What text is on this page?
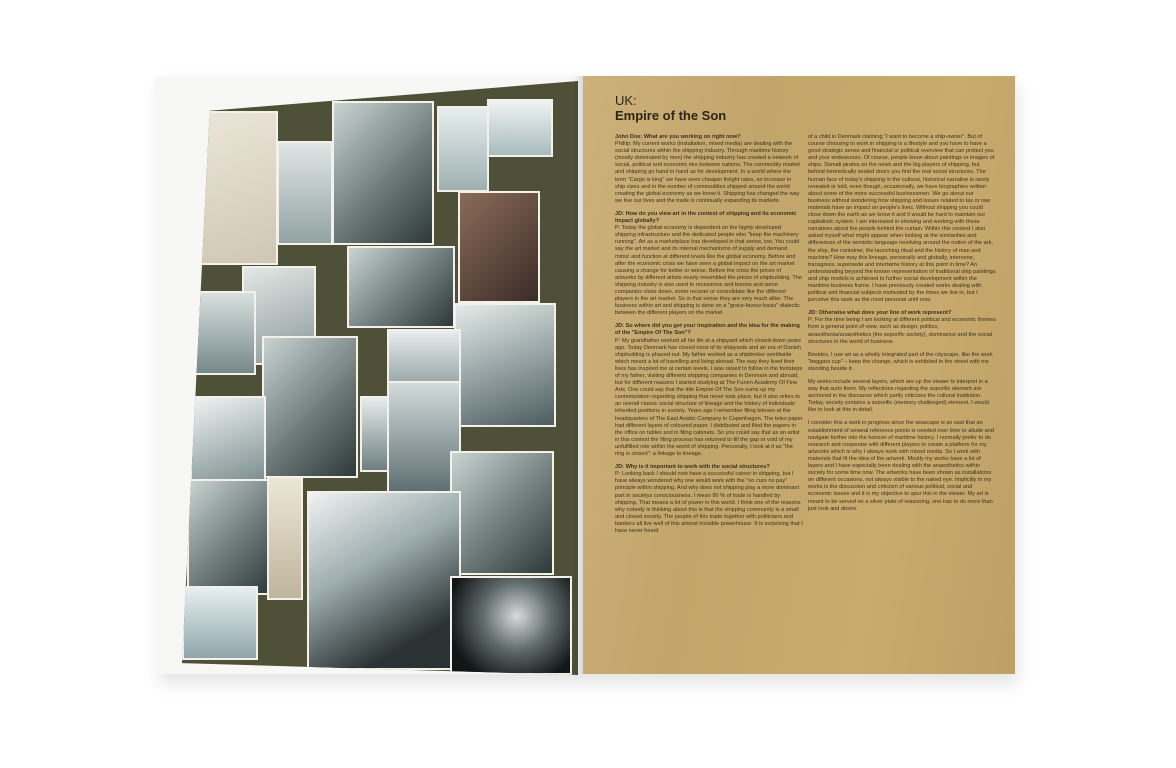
UK:
Empire of the Son

John Doe: What are you working on right now?
Phillip: My current works (installation, mixed media) are dealing with the social structures within the shipping industry. Through maritime history (mostly dominated by men) the shipping industry has created a network of social, political and economic ties between nations. The commodity market and shipping go hand in hand as for development. In a world where the term "Cargo is king" we have seen cheaper freight rates, an increase in ship sizes and in the number of commodities shipped around the world creating the global economy as we know it. Shipping has changed the way we live our lives and the trade is continually expanding its markets.

JD: How do you view art in the context of shipping and its economic impact globally?
P: Today the global economy is dependent on the highly developed shipping infrastructure and the dedicated people who "keep the machinery running". Art as a marketplace has developed in that sense, too. You could say the art market and its internal mechanisms of supply and demand mimic and function at different levels like the global economy. Before and after the economic crisis we have seen a global impact on the art market causing a change for better or worse. Before the crisis the prices of artworks by different artists nearly resembled the prices of shipbuilding. The shipping industry is also used to recessions and booms and some companies close down, some recover or consolidate like the different players in the art market. So in that sense they are very much alike. The business within art and shipping is done on a "grace-favour-basis" dialectic between the different players on the market.

JD: So where did you get your inspiration and the idea for the making of the "Empire Of The Son"?
P: My grandfather worked all his life at a shipyard which closed down years ago. Today Denmark has closed most of its shipyards and an era of Danish shipbuilding is phased out. My father worked as a shipbroker worldwide which meant a lot of travelling and living abroad. The way they lived their lives has inspired me at certain levels. I was raised to follow in the footsteps of my father, visiting different shipping companies in Denmark and abroad, but for different reasons I started studying at The Funen Academy Of Fine Arts. One could say that the title Empire Of The Son sums up my contemplation regarding shipping that never took place, but it also refers to an overall classic social structure of lineage and the history of individuals' inherited positions in society. Years ago I remember filing telexes at the headquarters of The East Asiatic Company in Copenhagen. The telex paper had different layers of coloured paper. I distributed and filed the papers in the office on tables and in filing cabinets. So you could say that as an artist in this context the filing process has returned to fill the gap or void of my unfulfilled role within the world of shipping. Personally, I look at it as "the ring is closed": a linkage to lineage.

JD: Why is it important to work with the social structures?
P: Looking back I should now have a successful career in shipping, but I have always wondered why one would work with the "no cure no pay" principle within shipping. And why does not shipping play a more dominant part in societys consciousness. I mean 90 % of trade is handled by shipping. That means a lot of power in this world. I think one of the reasons why nobody is thinking about this is that the shipping community is a small and closed society. The people of this trade together with politicians and bankers all live well of this almost invisible powerhouse. It is surprising that I have never heard

of a child in Denmark claiming "I want to become a ship-owner". But of course choosing to work in shipping is a lifestyle and you have to have a good strategic sense and financial or political overview that can protect you and your endeavours. Of course, people know about paintings or images of ships. Somali pirates on the news and the big players of shipping, but behind hermetically sealed doors you find the real social structures. The human face of today's shipping in the cultural, historical narrative is rarely revealed or told, even though, occasionally, we have biographies written about some of the more successful businessmen. We go about our business without wondering how shipping and issues related to tax or raw materials have an impact on people's lives. Without shipping you could close down the earth as we know it and it would be hard to maintain our capitalistic system. I am interested in showing and working with these narratives about the people behind the curtain. Within this context I also asked myself what might appear when looking at the similarities and differences of the semiotic language revolving around the notion of the ark, the ship, the container, the launching ritual and the history of man and machine? How may this lineage, personally and globally, intervene, transgress, supersede and intertwine history at this point in time? An understanding beyond the known representation of traditional ship paintings and ship models is achieved to further social development within the maritime business frame. I have previously created works dealing with political and financial subjects motivated by the times we live in, but I perceive this work as the most personal until now.

JD: Otherwise what does your line of work represent?
P: For the time being I am looking at different political and economic themes from a general point of view, such as design, politics, anaesthesia/anaesthetics (the soporific society), dominance and the social structures in the world of business.

Besides, I use art as a wholly integrated part of the cityscape, like the work "beggars cup" – keep the change, which is exhibited in the street with me standing beside it.

My works include several layers, which are up the viewer to interpret in a way that suits them. My reflections regarding the soporific element are anchored in the discourse which partly criticizes the cultural institution. Today, society contains a soporific (memory challenged) element. I would like to look at this in detail.

I consider this a work in progress since the seascape is so vast that an establishment of several reference points is needed over time to allude and navigate further into the horizon of maritime history. I normally prefer to do research and cooperate with different players to create a platform for my artworks which is why I always work with mixed media. So I work with materials that fit the idea of the artwork. Mostly my works have a lot of layers and I have especially been dealing with the anaesthetics within society for some time now. The artworks have been shown as installations on different occasions, not always visible to the naked eye. Implicitly in my works is the discussion and criticism of various political, social and economic issues and it is my objective to spur this in the viewer. My art is meant to be served on a silver plate of reasoning, one has to do more than just look and desire.
